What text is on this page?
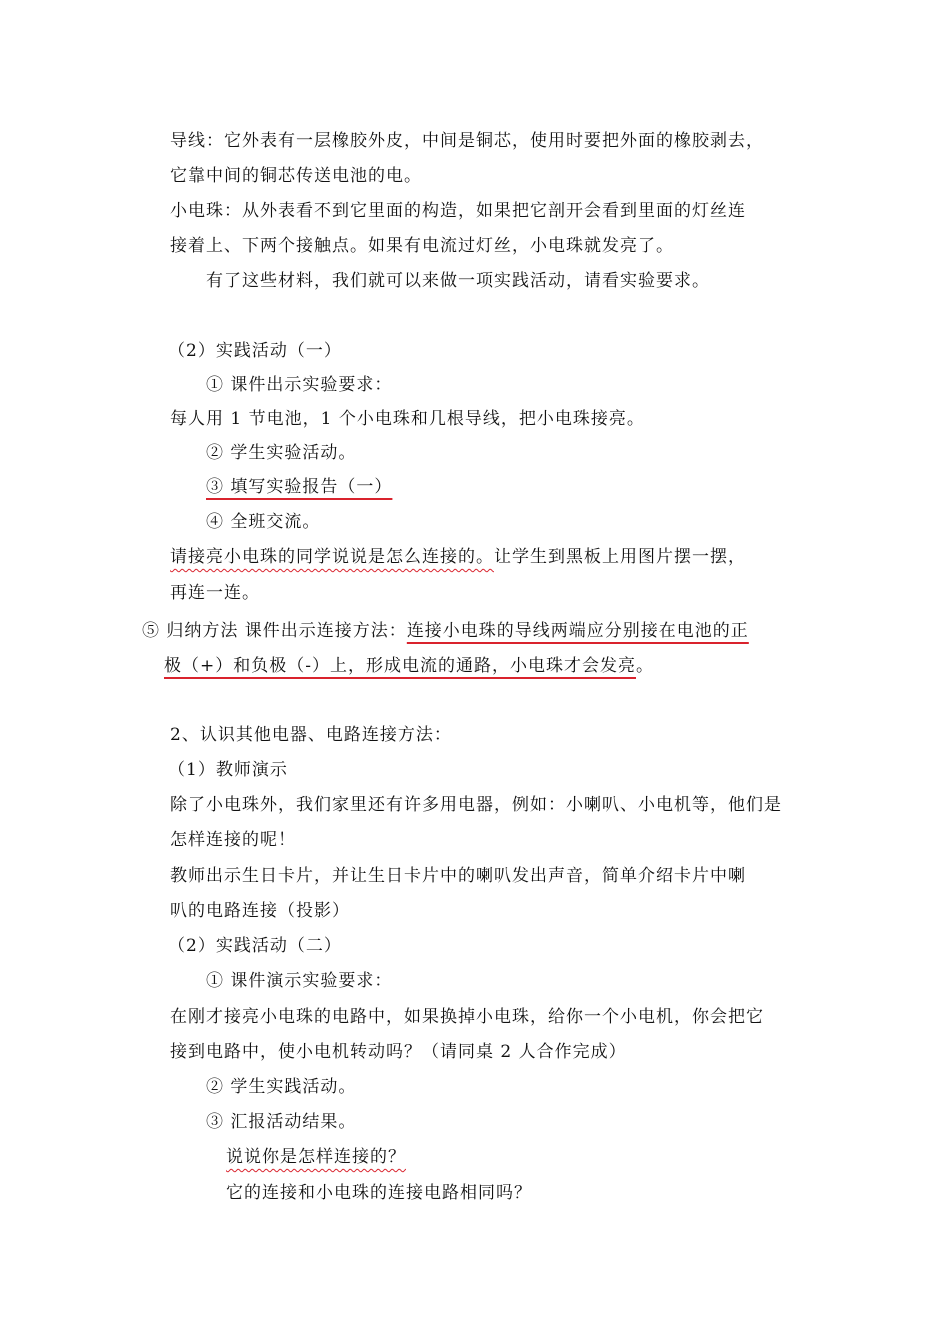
导线：它外表有一层橡胶外皮，中间是铜芯，使用时要把外面的橡胶剥去，
它靠中间的铜芯传送电池的电。
小电珠：从外表看不到它里面的构造，如果把它剖开会看到里面的灯丝连
接着上、下两个接触点。如果有电流过灯丝，小电珠就发亮了。
有了这些材料，我们就可以来做一项实践活动，请看实验要求。
（2）实践活动（一）
① 课件出示实验要求：
每人用 1 节电池，1 个小电珠和几根导线，把小电珠接亮。
② 学生实验活动。
③ 填写实验报告（一）
④ 全班交流。
请接亮小电珠的同学说说是怎么连接的。让学生到黑板上用图片摆一摆，
再连一连。
⑤ 归纳方法 课件出示连接方法：连接小电珠的导线两端应分别接在电池的正
极（+）和负极（-）上，形成电流的通路，小电珠才会发亮。
2、认识其他电器、电路连接方法：
（1）教师演示
除了小电珠外，我们家里还有许多用电器，例如：小喇叭、小电机等，他们是
怎样连接的呢！
教师出示生日卡片，并让生日卡片中的喇叭发出声音，简单介绍卡片中喇
叭的电路连接（投影）
（2）实践活动（二）
① 课件演示实验要求：
在刚才接亮小电珠的电路中，如果换掉小电珠，给你一个小电机，你会把它
接到电路中，使小电机转动吗？（请同桌 2 人合作完成）
② 学生实践活动。
③ 汇报活动结果。
说说你是怎样连接的？
它的连接和小电珠的连接电路相同吗？
